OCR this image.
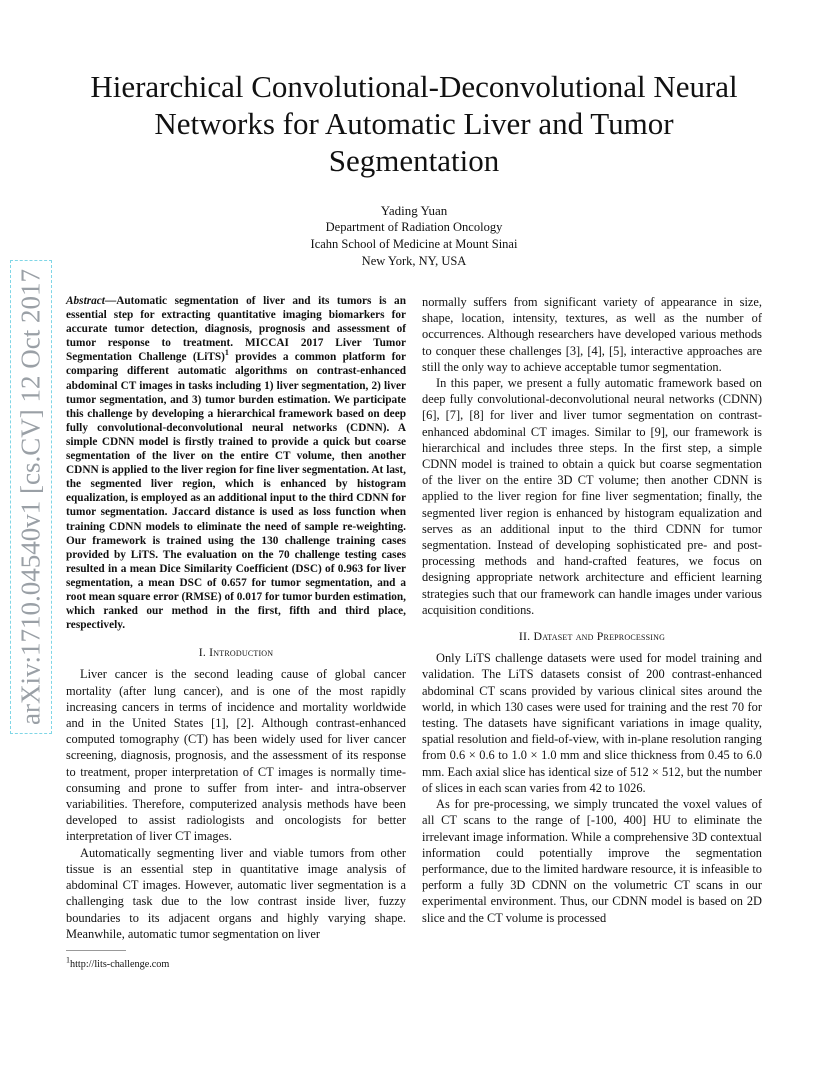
Hierarchical Convolutional-Deconvolutional Neural
Networks for Automatic Liver and Tumor
Segmentation
Yading Yuan
Department of Radiation Oncology
Icahn School of Medicine at Mount Sinai
New York, NY, USA
arXiv:1710.04540v1 [cs.CV] 12 Oct 2017 Abstract—Automatic segmentation of liver and its tumors is an essential step for extracting quantitative imaging biomarkers for accurate tumor detection, diagnosis, prognosis and assessment of tumor response to treatment. MICCAI 2017 Liver Tumor Segmentation Challenge (LiTS)$^1$ provides a common platform for comparing different automatic algorithms on contrast-enhanced abdominal CT images in tasks including 1) liver segmentation, 2) liver tumor segmentation, and 3) tumor burden estimation. We participate this challenge by developing a hierarchical framework based on deep fully convolutional-deconvolutional neural networks (CDNN). A simple CDNN model is firstly trained to provide a quick but coarse segmentation of the liver on the entire CT volume, then another CDNN is applied to the liver region for fine liver segmentation. At last, the segmented liver region, which is enhanced by histogram equalization, is employed as an additional input to the third CDNN for tumor segmentation. Jaccard distance is used as loss function when training CDNN models to eliminate the need of sample re-weighting. Our framework is trained using the 130 challenge training cases provided by LiTS. The evaluation on the 70 challenge testing cases resulted in a mean Dice Similarity Coefficient (DSC) of 0.963 for liver segmentation, a mean DSC of 0.657 for tumor segmentation, and a root mean square error (RMSE) of 0.017 for tumor burden estimation, which ranked our method in the first, fifth and third place, respectively.
I. Introduction

Liver cancer is the second leading cause of global cancer mortality (after lung cancer), and is one of the most rapidly increasing cancers in terms of incidence and mortality worldwide and in the United States [1], [2]. Although contrast-enhanced computed tomography (CT) has been widely used for liver cancer screening, diagnosis, prognosis, and the assessment of its response to treatment, proper interpretation of CT images is normally time-consuming and prone to suffer from inter- and intra-observer variabilities. Therefore, computerized analysis methods have been developed to assist radiologists and oncologists for better interpretation of liver CT images.

Automatically segmenting liver and viable tumors from other tissue is an essential step in quantitative image analysis of abdominal CT images. However, automatic liver segmentation is a challenging task due to the low contrast inside liver, fuzzy boundaries to its adjacent organs and highly varying shape. Meanwhile, automatic tumor segmentation on liver

$^1$http://lits-challenge.com

normally suffers from significant variety of appearance in size, shape, location, intensity, textures, as well as the number of occurrences. Although researchers have developed various methods to conquer these challenges [3], [4], [5], interactive approaches are still the only way to achieve acceptable tumor segmentation.

In this paper, we present a fully automatic framework based on deep fully convolutional-deconvolutional neural networks (CDNN) [6], [7], [8] for liver and liver tumor segmentation on contrast-enhanced abdominal CT images. Similar to [9], our framework is hierarchical and includes three steps. In the first step, a simple CDNN model is trained to obtain a quick but coarse segmentation of the liver on the entire 3D CT volume; then another CDNN is applied to the liver region for fine liver segmentation; finally, the segmented liver region is enhanced by histogram equalization and serves as an additional input to the third CDNN for tumor segmentation. Instead of developing sophisticated pre- and post-processing methods and hand-crafted features, we focus on designing appropriate network architecture and efficient learning strategies such that our framework can handle images under various acquisition conditions.

II. Dataset and Preprocessing

Only LiTS challenge datasets were used for model training and validation. The LiTS datasets consist of 200 contrast-enhanced abdominal CT scans provided by various clinical sites around the world, in which 130 cases were used for training and the rest 70 for testing. The datasets have significant variations in image quality, spatial resolution and field-of-view, with in-plane resolution ranging from 0.6 × 0.6 to 1.0 × 1.0 mm and slice thickness from 0.45 to 6.0 mm. Each axial slice has identical size of 512 × 512, but the number of slices in each scan varies from 42 to 1026.

As for pre-processing, we simply truncated the voxel values of all CT scans to the range of [-100, 400] HU to eliminate the irrelevant image information. While a comprehensive 3D contextual information could potentially improve the segmentation performance, due to the limited hardware resource, it is infeasible to perform a fully 3D CDNN on the volumetric CT scans in our experimental environment. Thus, our CDNN model is based on 2D slice and the CT volume is processed
